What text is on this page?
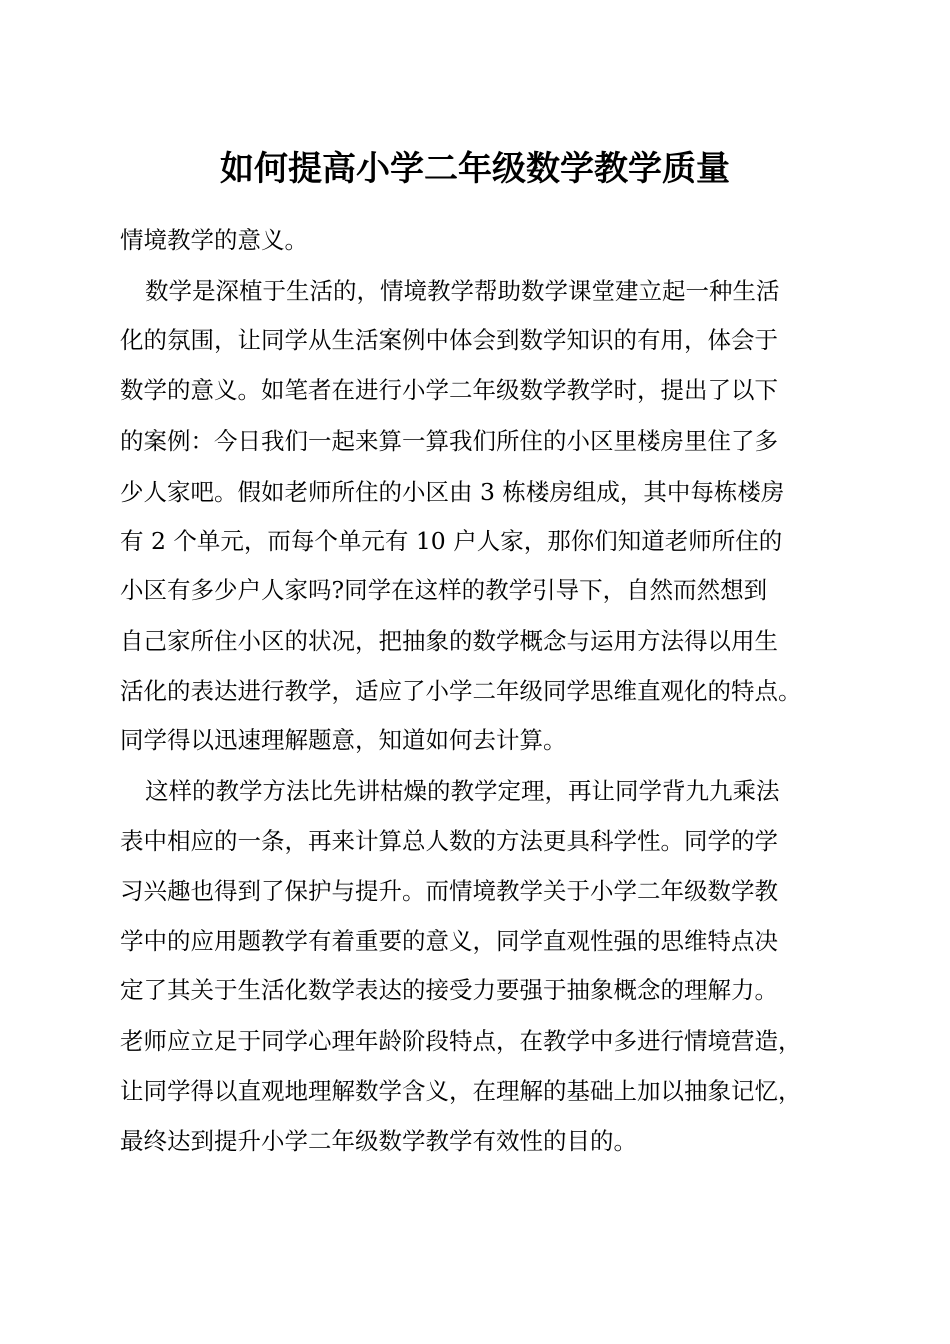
如何提高小学二年级数学教学质量

情境教学的意义。

数学是深植于生活的，情境教学帮助数学课堂建立起一种生活

化的氛围，让同学从生活案例中体会到数学知识的有用，体会于

数学的意义。如笔者在进行小学二年级数学教学时，提出了以下

的案例：今日我们一起来算一算我们所住的小区里楼房里住了多

少人家吧。假如老师所住的小区由 3 栋楼房组成，其中每栋楼房

有 2 个单元，而每个单元有 10 户人家，那你们知道老师所住的

小区有多少户人家吗?同学在这样的教学引导下，自然而然想到

自己家所住小区的状况，把抽象的数学概念与运用方法得以用生

活化的表达进行教学，适应了小学二年级同学思维直观化的特点。

同学得以迅速理解题意，知道如何去计算。

这样的教学方法比先讲枯燥的教学定理，再让同学背九九乘法

表中相应的一条，再来计算总人数的方法更具科学性。同学的学

习兴趣也得到了保护与提升。而情境教学关于小学二年级数学教

学中的应用题教学有着重要的意义，同学直观性强的思维特点决

定了其关于生活化数学表达的接受力要强于抽象概念的理解力。

老师应立足于同学心理年龄阶段特点，在教学中多进行情境营造，

让同学得以直观地理解数学含义，在理解的基础上加以抽象记忆，

最终达到提升小学二年级数学教学有效性的目的。
